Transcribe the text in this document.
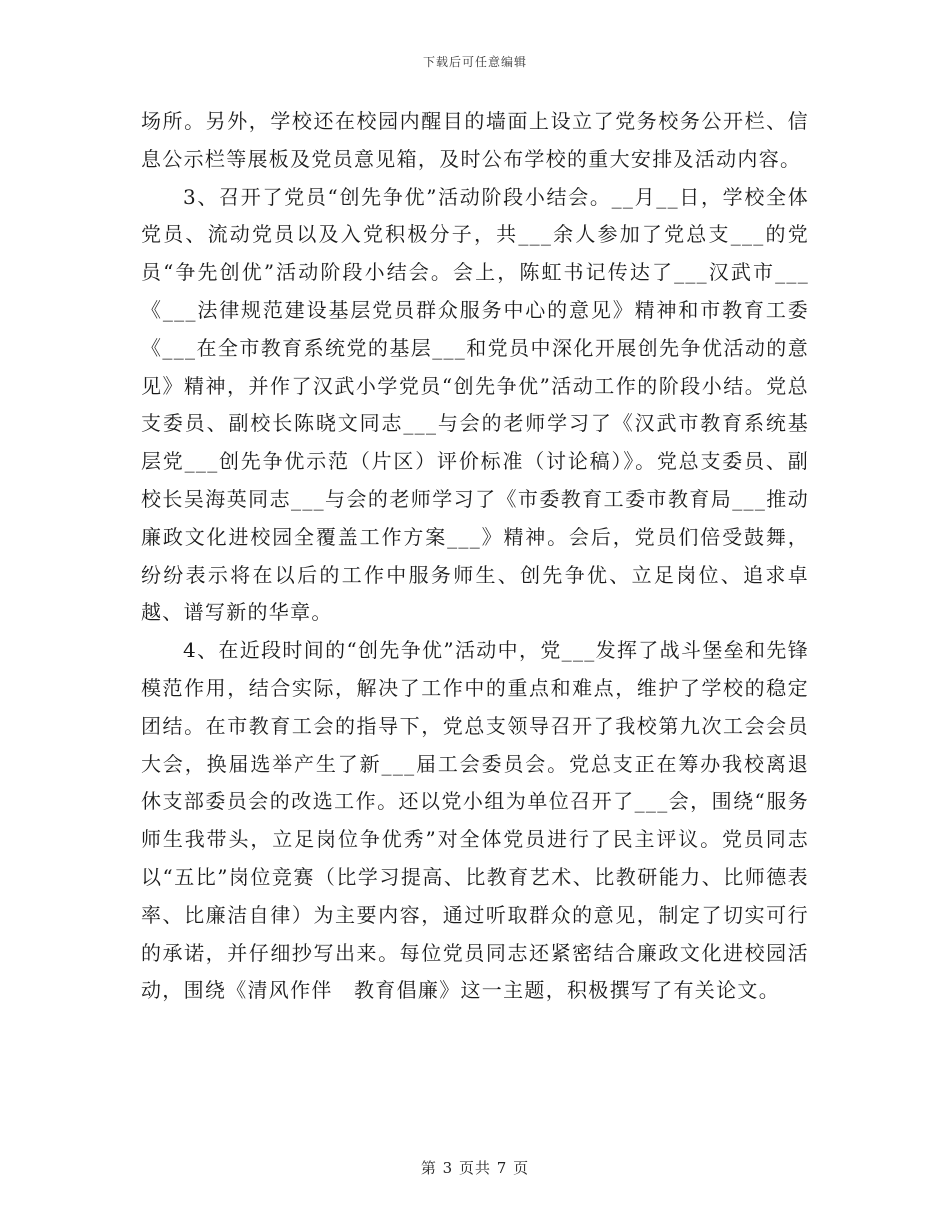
下载后可任意编辑

场所。另外，学校还在校园内醒目的墙面上设立了党务校务公开栏、信息公示栏等展板及党员意见箱，及时公布学校的重大安排及活动内容。

3、召开了党员“创先争优”活动阶段小结会。__月__日，学校全体党员、流动党员以及入党积极分子，共___余人参加了党总支___的党员“争先创优”活动阶段小结会。会上，陈虹书记传达了___汉武市___《___法律规范建设基层党员群众服务中心的意见》精神和市教育工委《___在全市教育系统党的基层___和党员中深化开展创先争优活动的意见》精神，并作了汉武小学党员“创先争优”活动工作的阶段小结。党总支委员、副校长陈晓文同志___与会的老师学习了《汉武市教育系统基层党___创先争优示范（片区）评价标准（讨论稿）》。党总支委员、副校长吴海英同志___与会的老师学习了《市委教育工委市教育局___推动廉政文化进校园全覆盖工作方案___》精神。会后，党员们倍受鼓舞，纷纷表示将在以后的工作中服务师生、创先争优、立足岗位、追求卓越、谱写新的华章。

4、在近段时间的“创先争优”活动中，党___发挥了战斗堡垒和先锋模范作用，结合实际，解决了工作中的重点和难点，维护了学校的稳定团结。在市教育工会的指导下，党总支领导召开了我校第九次工会会员大会，换届选举产生了新___届工会委员会。党总支正在筹办我校离退休支部委员会的改选工作。还以党小组为单位召开了___会，围绕“服务师生我带头，立足岗位争优秀”对全体党员进行了民主评议。党员同志以“五比”岗位竞赛（比学习提高、比教育艺术、比教研能力、比师德表率、比廉洁自律）为主要内容，通过听取群众的意见，制定了切实可行的承诺，并仔细抄写出来。每位党员同志还紧密结合廉政文化进校园活动，围绕《清风作伴　教育倡廉》这一主题，积极撰写了有关论文。

第 3 页共 7 页
